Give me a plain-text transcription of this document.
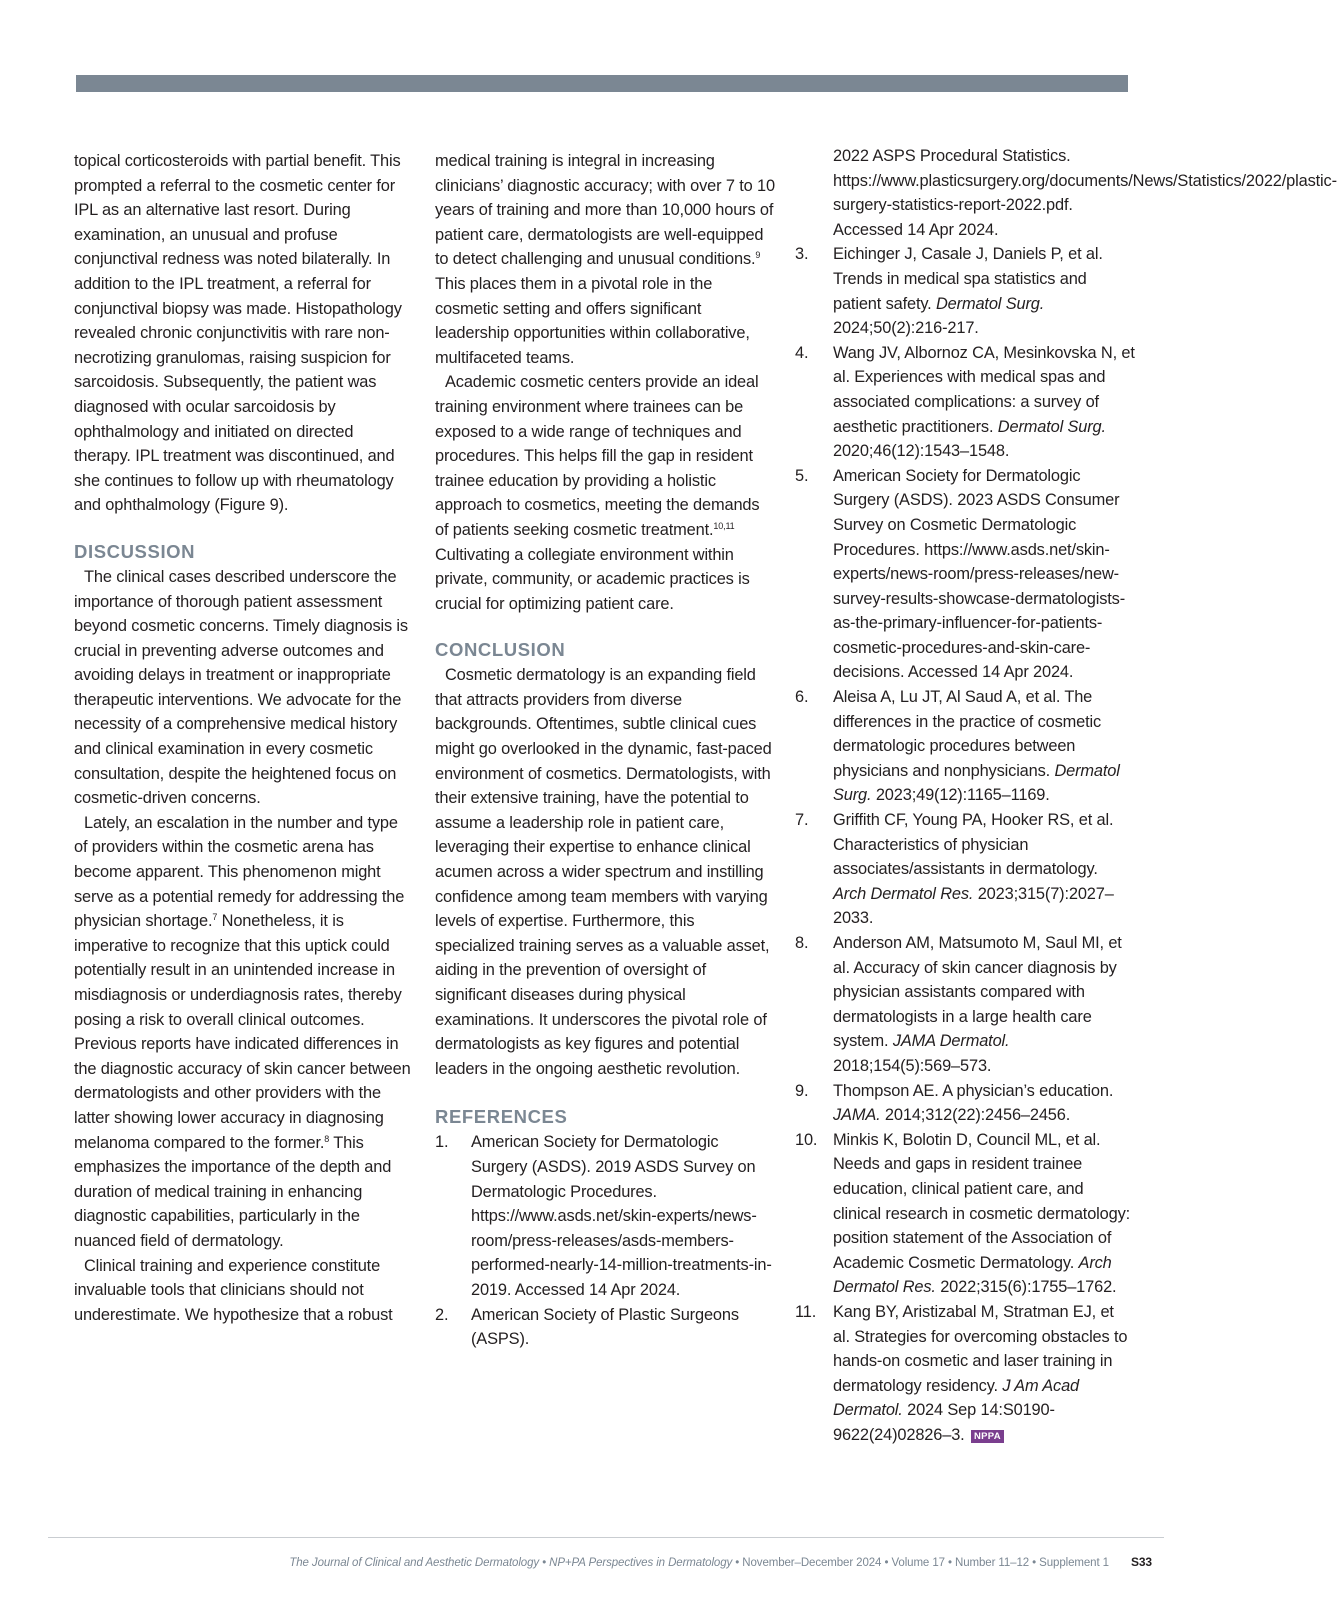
topical corticosteroids with partial benefit. This prompted a referral to the cosmetic center for IPL as an alternative last resort. During examination, an unusual and profuse conjunctival redness was noted bilaterally. In addition to the IPL treatment, a referral for conjunctival biopsy was made. Histopathology revealed chronic conjunctivitis with rare non-necrotizing granulomas, raising suspicion for sarcoidosis. Subsequently, the patient was diagnosed with ocular sarcoidosis by ophthalmology and initiated on directed therapy. IPL treatment was discontinued, and she continues to follow up with rheumatology and ophthalmology (Figure 9).

DISCUSSION

The clinical cases described underscore the importance of thorough patient assessment beyond cosmetic concerns. Timely diagnosis is crucial in preventing adverse outcomes and avoiding delays in treatment or inappropriate therapeutic interventions. We advocate for the necessity of a comprehensive medical history and clinical examination in every cosmetic consultation, despite the heightened focus on cosmetic-driven concerns.

Lately, an escalation in the number and type of providers within the cosmetic arena has become apparent. This phenomenon might serve as a potential remedy for addressing the physician shortage.$^7$ Nonetheless, it is imperative to recognize that this uptick could potentially result in an unintended increase in misdiagnosis or underdiagnosis rates, thereby posing a risk to overall clinical outcomes. Previous reports have indicated differences in the diagnostic accuracy of skin cancer between dermatologists and other providers with the latter showing lower accuracy in diagnosing melanoma compared to the former.$^8$ This emphasizes the importance of the depth and duration of medical training in enhancing diagnostic capabilities, particularly in the nuanced field of dermatology.

Clinical training and experience constitute invaluable tools that clinicians should not underestimate. We hypothesize that a robust

medical training is integral in increasing clinicians’ diagnostic accuracy; with over 7 to 10 years of training and more than 10,000 hours of patient care, dermatologists are well-equipped to detect challenging and unusual conditions.$^9$ This places them in a pivotal role in the cosmetic setting and offers significant leadership opportunities within collaborative, multifaceted teams.

Academic cosmetic centers provide an ideal training environment where trainees can be exposed to a wide range of techniques and procedures. This helps fill the gap in resident trainee education by providing a holistic approach to cosmetics, meeting the demands of patients seeking cosmetic treatment.$^{10,11}$ Cultivating a collegiate environment within private, community, or academic practices is crucial for optimizing patient care.

CONCLUSION

Cosmetic dermatology is an expanding field that attracts providers from diverse backgrounds. Oftentimes, subtle clinical cues might go overlooked in the dynamic, fast-paced environment of cosmetics. Dermatologists, with their extensive training, have the potential to assume a leadership role in patient care, leveraging their expertise to enhance clinical acumen across a wider spectrum and instilling confidence among team members with varying levels of expertise. Furthermore, this specialized training serves as a valuable asset, aiding in the prevention of oversight of significant diseases during physical examinations. It underscores the pivotal role of dermatologists as key figures and potential leaders in the ongoing aesthetic revolution.

REFERENCES
1. American Society for Dermatologic Surgery (ASDS). 2019 ASDS Survey on Dermatologic Procedures. https://www.asds.net/skin-experts/news-room/press-releases/asds-members-performed-nearly-14-million-treatments-in-2019. Accessed 14 Apr 2024.
2. American Society of Plastic Surgeons (ASPS).
2022 ASPS Procedural Statistics. https://www.plasticsurgery.org/documents/News/Statistics/2022/plastic-surgery-statistics-report-2022.pdf. Accessed 14 Apr 2024.
3. Eichinger J, Casale J, Daniels P, et al. Trends in medical spa statistics and patient safety. Dermatol Surg. 2024;50(2):216-217.
4. Wang JV, Albornoz CA, Mesinkovska N, et al. Experiences with medical spas and associated complications: a survey of aesthetic practitioners. Dermatol Surg. 2020;46(12):1543–1548.
5. American Society for Dermatologic Surgery (ASDS). 2023 ASDS Consumer Survey on Cosmetic Dermatologic Procedures. https://www.asds.net/skin-experts/news-room/press-releases/new-survey-results-showcase-dermatologists-as-the-primary-influencer-for-patients-cosmetic-procedures-and-skin-care-decisions. Accessed 14 Apr 2024.
6. Aleisa A, Lu JT, Al Saud A, et al. The differences in the practice of cosmetic dermatologic procedures between physicians and nonphysicians. Dermatol Surg. 2023;49(12):1165–1169.
7. Griffith CF, Young PA, Hooker RS, et al. Characteristics of physician associates/assistants in dermatology. Arch Dermatol Res. 2023;315(7):2027–2033.
8. Anderson AM, Matsumoto M, Saul MI, et al. Accuracy of skin cancer diagnosis by physician assistants compared with dermatologists in a large health care system. JAMA Dermatol. 2018;154(5):569–573.
9. Thompson AE. A physician’s education. JAMA. 2014;312(22):2456–2456.
10. Minkis K, Bolotin D, Council ML, et al. Needs and gaps in resident trainee education, clinical patient care, and clinical research in cosmetic dermatology: position statement of the Association of Academic Cosmetic Dermatology. Arch Dermatol Res. 2022;315(6):1755–1762.
11. Kang BY, Aristizabal M, Stratman EJ, et al. Strategies for overcoming obstacles to hands-on cosmetic and laser training in dermatology residency. J Am Acad Dermatol. 2024 Sep 14:S0190-9622(24)02826–3. NPPA
The Journal of Clinical and Aesthetic Dermatology • NP+PA Perspectives in Dermatology • November–December 2024 • Volume 17 • Number 11–12 • Supplement 1 S33
